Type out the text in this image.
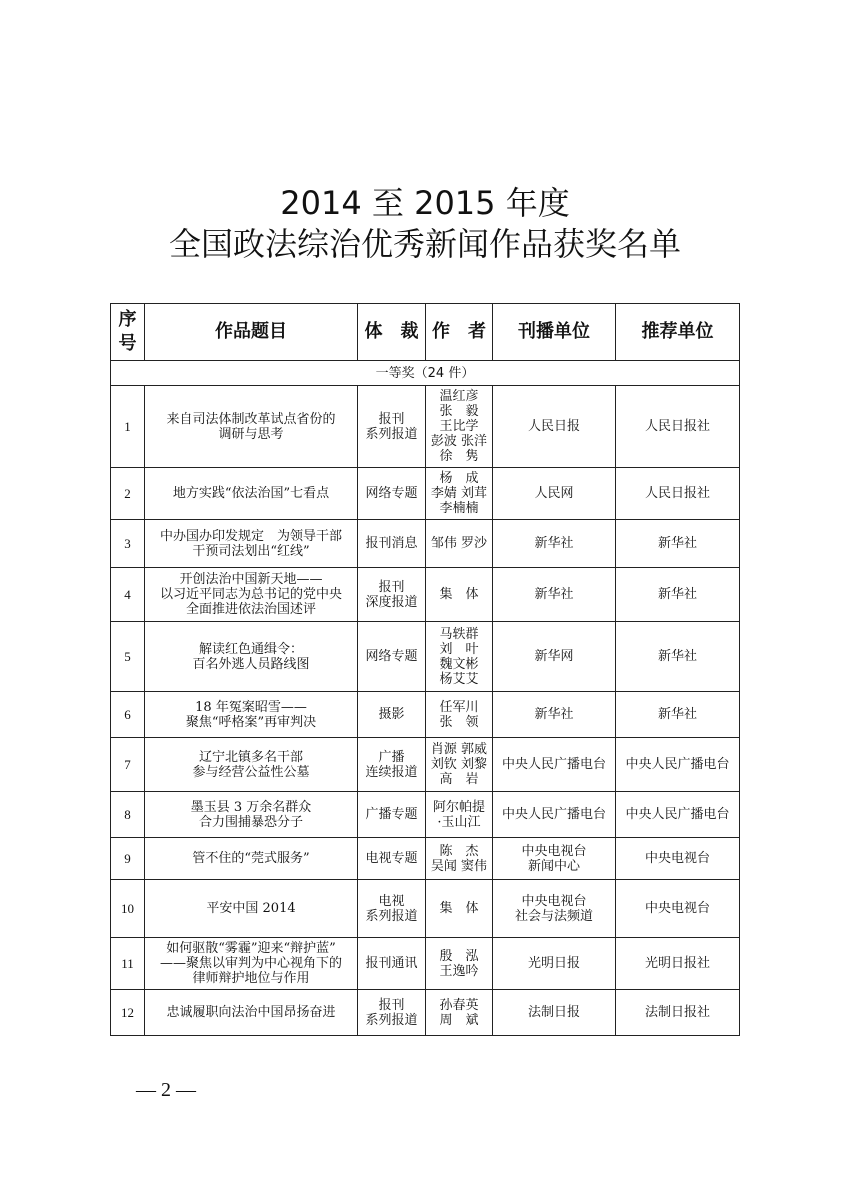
2014 至 2015 年度
全国政法综治优秀新闻作品获奖名单
序
号	作品题目	体　裁	作　者	刊播单位	推荐单位
一等奖（24 件）					
1	来自司法体制改革试点省份的
调研与思考	报刊
系列报道	温红彦
张　毅
王比学
彭波 张洋
徐　隽	人民日报	人民日报社

2	地方实践“依法治国”七看点	网络专题	杨　成
李婧 刘茸
李楠楠	人民网	人民日报社

3	中办国办印发规定　为领导干部
干预司法划出“红线”	报刊消息	邹伟 罗沙	新华社	新华社

4	开创法治中国新天地——
以习近平同志为总书记的党中央
全面推进依法治国述评	报刊
深度报道	集　体	新华社	新华社

5	解读红色通缉令：
百名外逃人员路线图	网络专题	马轶群
刘　叶
魏文彬
杨艾艾	新华网	新华社

6	18 年冤案昭雪——
聚焦“呼格案”再审判决	摄影	任军川
张　领	新华社	新华社

7	辽宁北镇多名干部
参与经营公益性公墓	广播
连续报道	肖源 郭威
刘钦 刘黎
高　岩	中央人民广播电台	中央人民广播电台

8	墨玉县 3 万余名群众
合力围捕暴恐分子	广播专题	阿尔帕提
·玉山江	中央人民广播电台	中央人民广播电台

9	管不住的“莞式服务”	电视专题	陈　杰
吴闻 窦伟	中央电视台
新闻中心	中央电视台

10	平安中国 2014	电视
系列报道	集　体	中央电视台
社会与法频道	中央电视台

11	如何驱散“雾霾”迎来“辩护蓝”
——聚焦以审判为中心视角下的
律师辩护地位与作用	报刊通讯	殷　泓
王逸吟	光明日报	光明日报社

12	忠诚履职向法治中国昂扬奋进	报刊
系列报道	孙春英
周　斌	法制日报	法制日报社
— 2 —
